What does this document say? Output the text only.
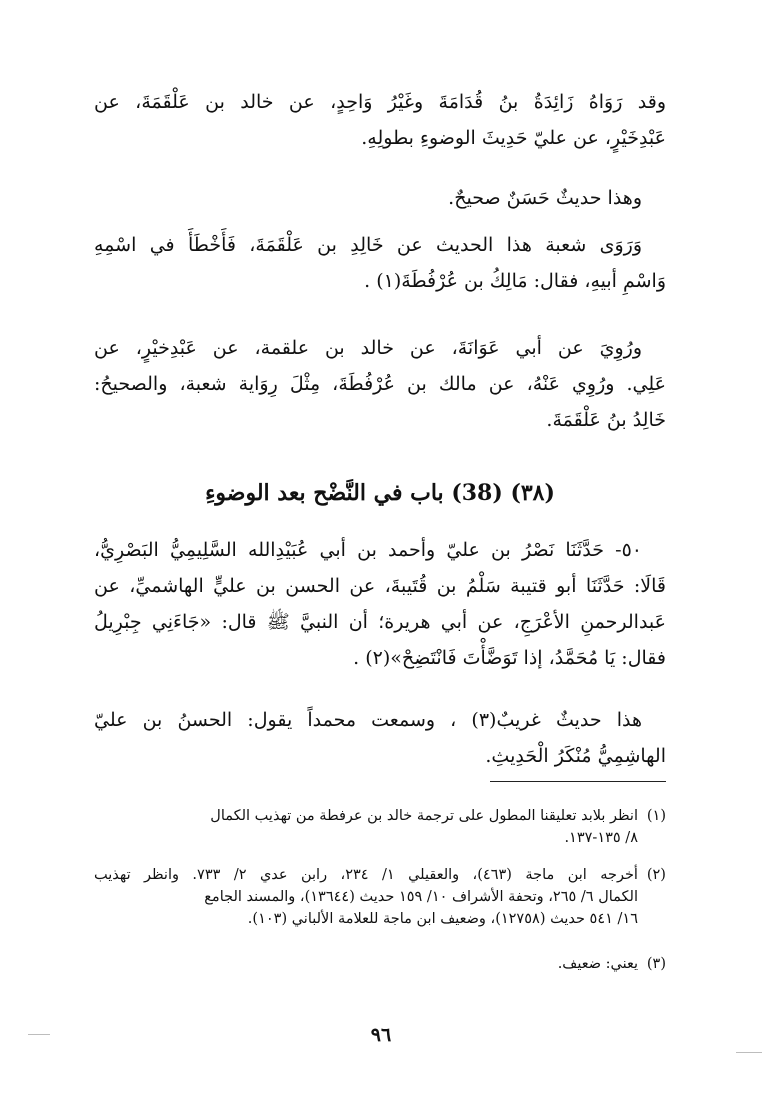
وقد رَوَاهُ زَائِدَةُ بنُ قُدَامَةَ وغَيْرُ وَاحِدٍ، عن خالد بن عَلْقَمَةَ، عن
عَبْدِخَيْرٍ، عن عليّ حَدِيثَ الوضوءِ بطولِهِ.
وهذا حديثٌ حَسَنٌ صحيحٌ.
وَرَوَى شعبة هذا الحديث عن خَالِدِ بن عَلْقَمَةَ، فَأَخْطَأَ في اسْمِهِ
وَاسْمِ أبيهِ، فقال: مَالِكُ بن عُرْفُطَةَ(١) .
ورُوِيَ عن أبي عَوَانَةَ، عن خالد بن علقمة، عن عَبْدِخيْرٍ، عن
عَلِي. ورُوِي عَنْهُ، عن مالك بن عُرْفُطَةَ، مِثْلَ رِوَاية شعبة، والصحيحُ:
خَالِدُ بنُ عَلْقَمَةَ.
(٣٨) (38) باب في النَّضْح بعد الوضوءِ
٥٠- حَدَّثَنَا نَصْرُ بن عليّ وأحمد بن أبي عُبَيْدِالله السَّلِيمِيُّ البَصْرِيُّ،
قَالَا: حَدَّثَنَا أبو قتيبة سَلْمُ بن قُتَيبةَ، عن الحسن بن عليٍّ الهاشميِّ، عن
عَبدالرحمنِ الأعْرَجِ، عن أبي هريرة؛ أن النبيَّ ﷺ قال: «جَاءَنِي جِبْرِيلُ
فقال: يَا مُحَمَّدُ، إذا تَوَضَّأْتَ فَانْتَضِحْ»(٢) .
هذا حديثٌ غريبٌ(٣) ، وسمعت محمداً يقول: الحسنُ بن عليّ
الهاشِمِيُّ مُنْكَرُ الْحَدِيثِ.
(١)انظر بلابد تعليقنا المطول على ترجمة خالد بن عرفطة من تهذيب الكمال
٨/ ١٣٥-١٣٧.
(٢)أخرجه ابن ماجة (٤٦٣)، والعقيلي ١/ ٢٣٤، رابن عدي ٢/ ٧٣٣. وانظر تهذيب
الكمال ٦/ ٢٦٥، وتحفة الأشراف ١٠/ ١٥٩ حديث (١٣٦٤٤)، والمسند الجامع
١٦/ ٥٤١ حديث (١٢٧٥٨)، وضعيف ابن ماجة للعلامة الألباني (١٠٣).
(٣)يعني: ضعيف.
٩٦
